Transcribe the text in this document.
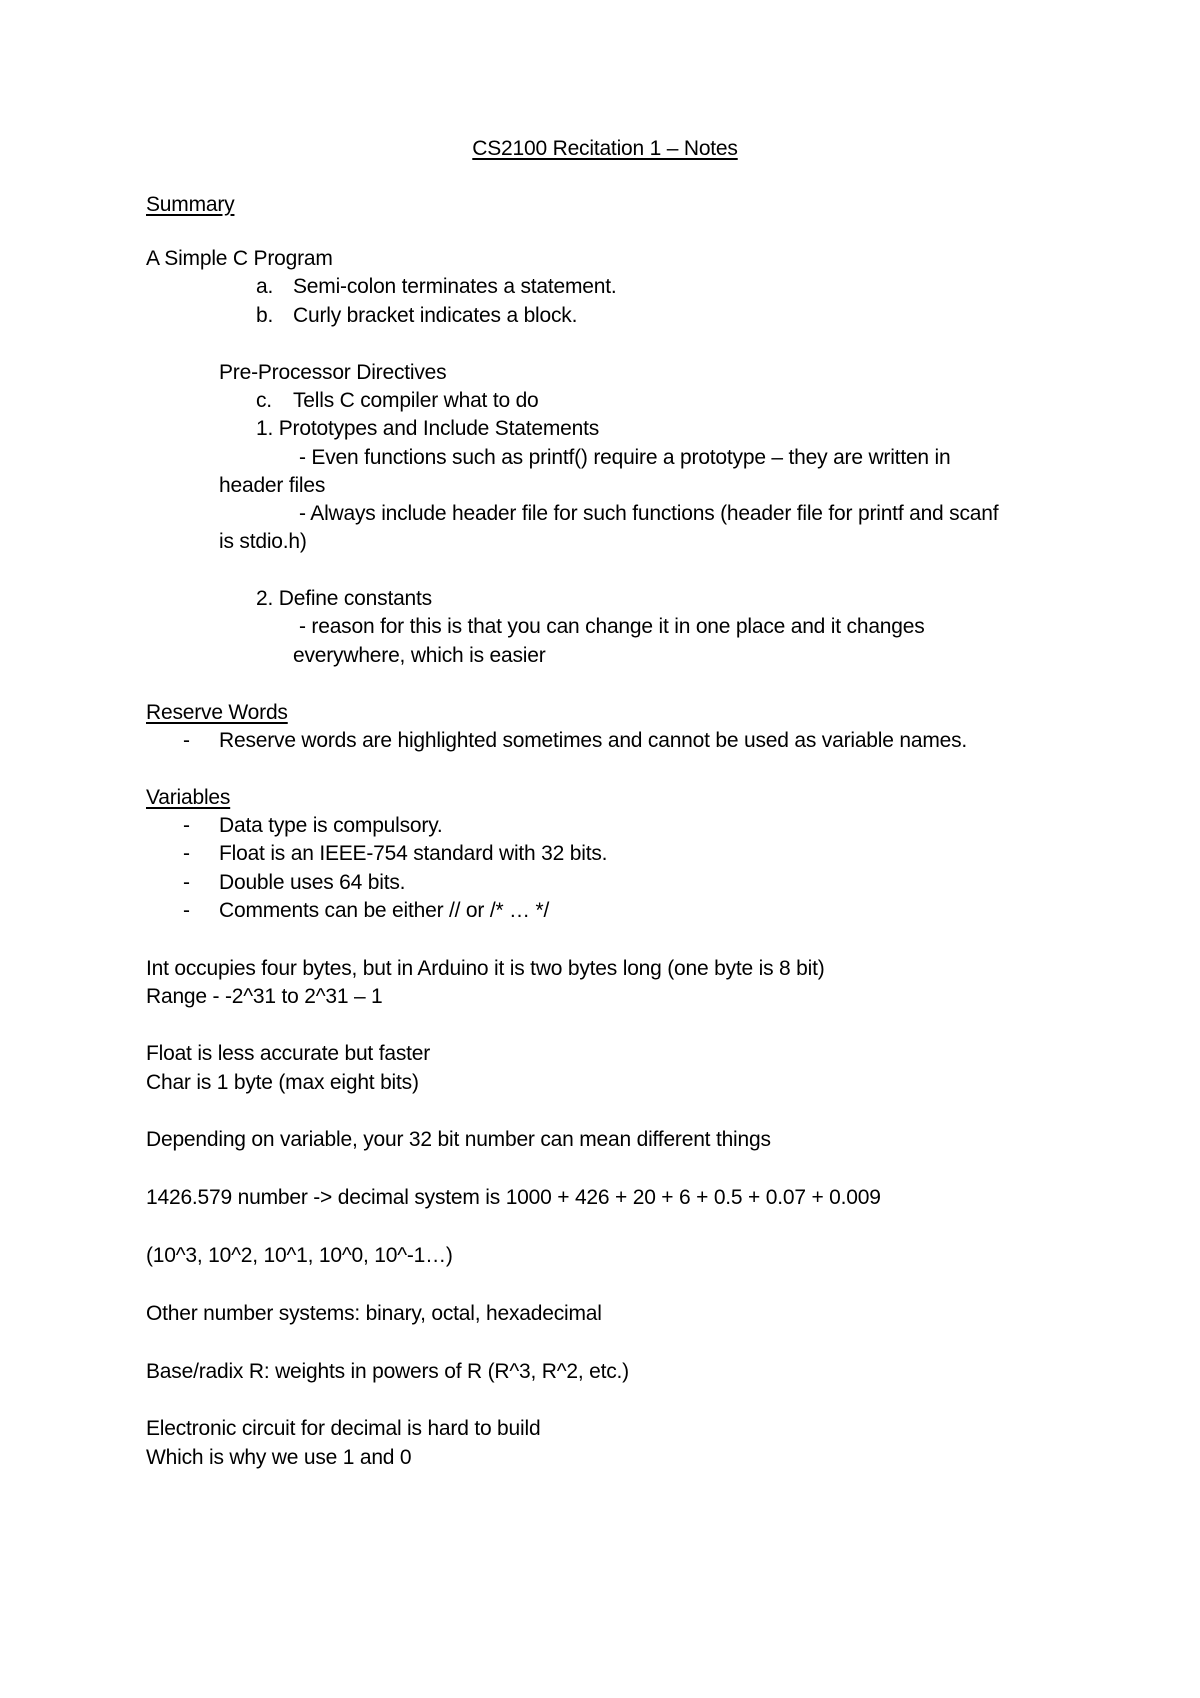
CS2100 Recitation 1 – Notes
Summary
A Simple C Program
a. Semi-colon terminates a statement.
b. Curly bracket indicates a block.
Pre-Processor Directives
c. Tells C compiler what to do
1. Prototypes and Include Statements
- Even functions such as printf() require a prototype – they are written in
header files
- Always include header file for such functions (header file for printf and scanf
is stdio.h)
2. Define constants
- reason for this is that you can change it in one place and it changes
everywhere, which is easier
Reserve Words
- Reserve words are highlighted sometimes and cannot be used as variable names.
Variables
- Data type is compulsory.
- Float is an IEEE-754 standard with 32 bits.
- Double uses 64 bits.
- Comments can be either // or /* … */
Int occupies four bytes, but in Arduino it is two bytes long (one byte is 8 bit)
Range - -2^31 to 2^31 – 1
Float is less accurate but faster
Char is 1 byte (max eight bits)
Depending on variable, your 32 bit number can mean different things
1426.579 number -> decimal system is 1000 + 426 + 20 + 6 + 0.5 + 0.07 + 0.009
(10^3, 10^2, 10^1, 10^0, 10^-1…)
Other number systems: binary, octal, hexadecimal
Base/radix R: weights in powers of R (R^3, R^2, etc.)
Electronic circuit for decimal is hard to build
Which is why we use 1 and 0
